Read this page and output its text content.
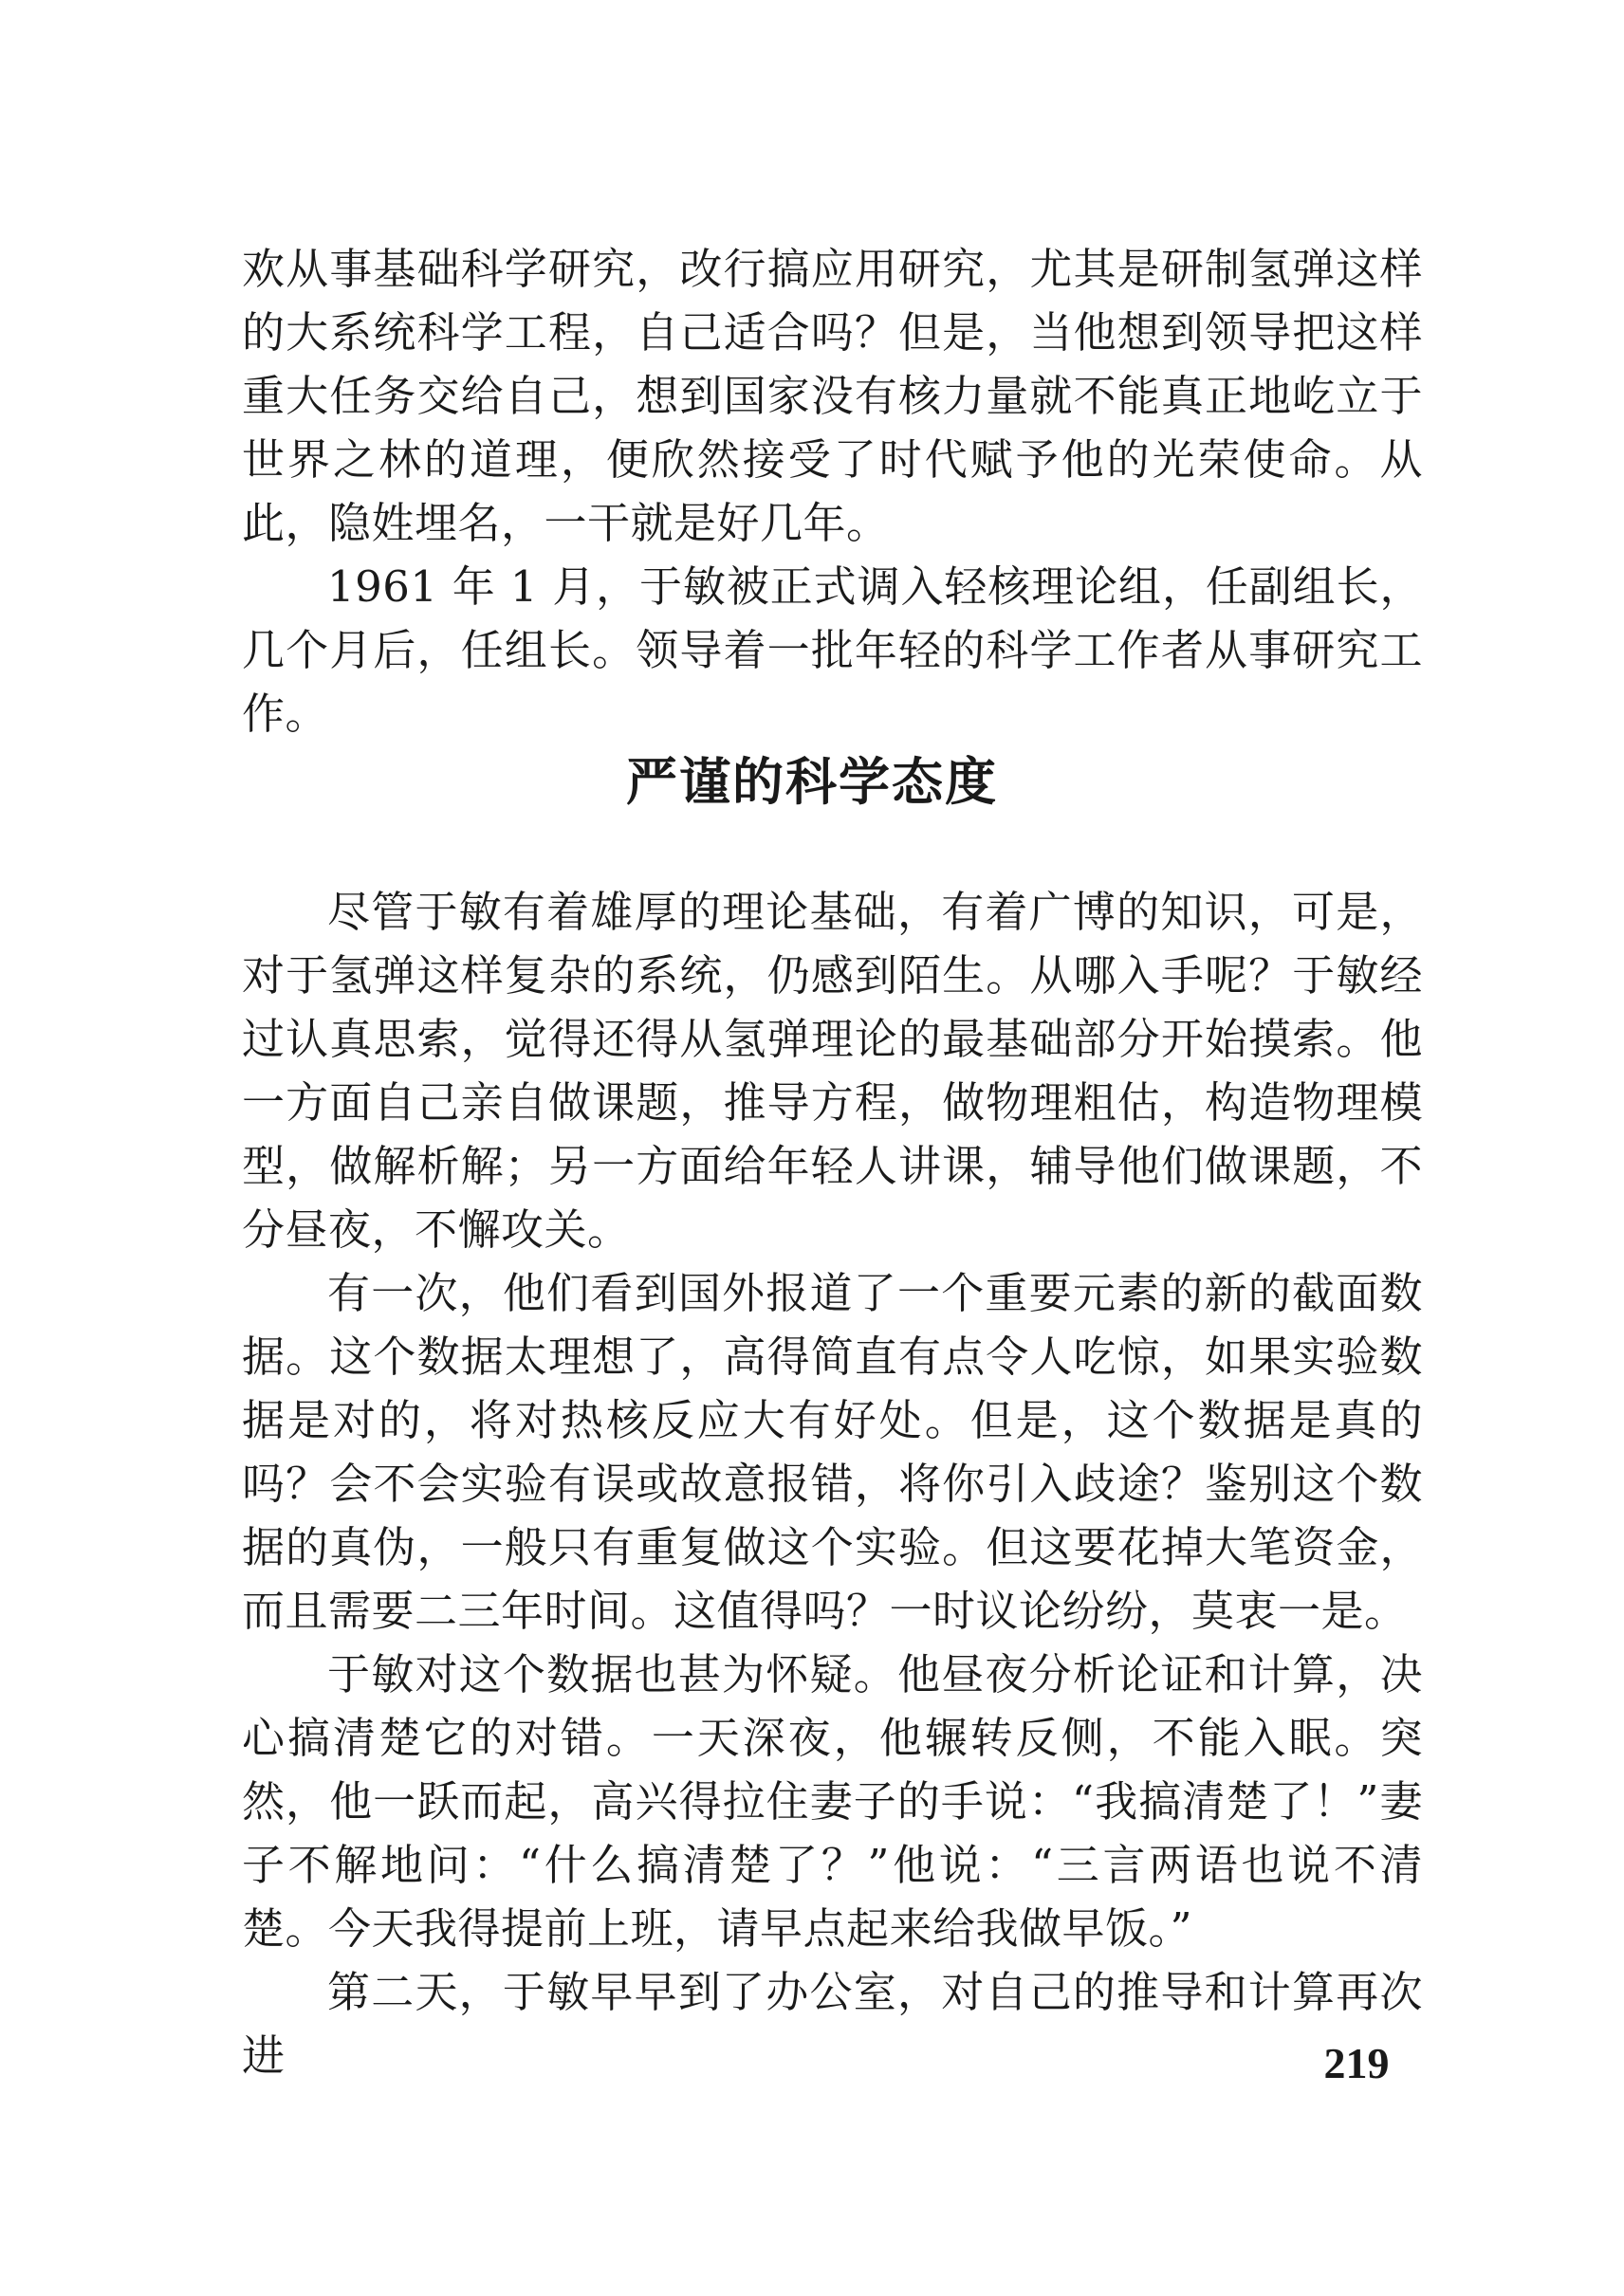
欢从事基础科学研究，改行搞应用研究，尤其是研制氢弹这样的大系统科学工程，自己适合吗？但是，当他想到领导把这样重大任务交给自己，想到国家没有核力量就不能真正地屹立于世界之林的道理，便欣然接受了时代赋予他的光荣使命。从此，隐姓埋名，一干就是好几年。

1961 年 1 月，于敏被正式调入轻核理论组，任副组长，几个月后，任组长。领导着一批年轻的科学工作者从事研究工作。

严谨的科学态度

尽管于敏有着雄厚的理论基础，有着广博的知识，可是，对于氢弹这样复杂的系统，仍感到陌生。从哪入手呢？于敏经过认真思索，觉得还得从氢弹理论的最基础部分开始摸索。他一方面自己亲自做课题，推导方程，做物理粗估，构造物理模型，做解析解；另一方面给年轻人讲课，辅导他们做课题，不分昼夜，不懈攻关。

有一次，他们看到国外报道了一个重要元素的新的截面数据。这个数据太理想了，高得简直有点令人吃惊，如果实验数据是对的，将对热核反应大有好处。但是，这个数据是真的吗？会不会实验有误或故意报错，将你引入歧途？鉴别这个数据的真伪，一般只有重复做这个实验。但这要花掉大笔资金，而且需要二三年时间。这值得吗？一时议论纷纷，莫衷一是。

于敏对这个数据也甚为怀疑。他昼夜分析论证和计算，决心搞清楚它的对错。一天深夜，他辗转反侧，不能入眠。突然，他一跃而起，高兴得拉住妻子的手说：“我搞清楚了！”妻子不解地问：“什么搞清楚了？”他说：“三言两语也说不清楚。今天我得提前上班，请早点起来给我做早饭。”

第二天，于敏早早到了办公室，对自己的推导和计算再次进	219
